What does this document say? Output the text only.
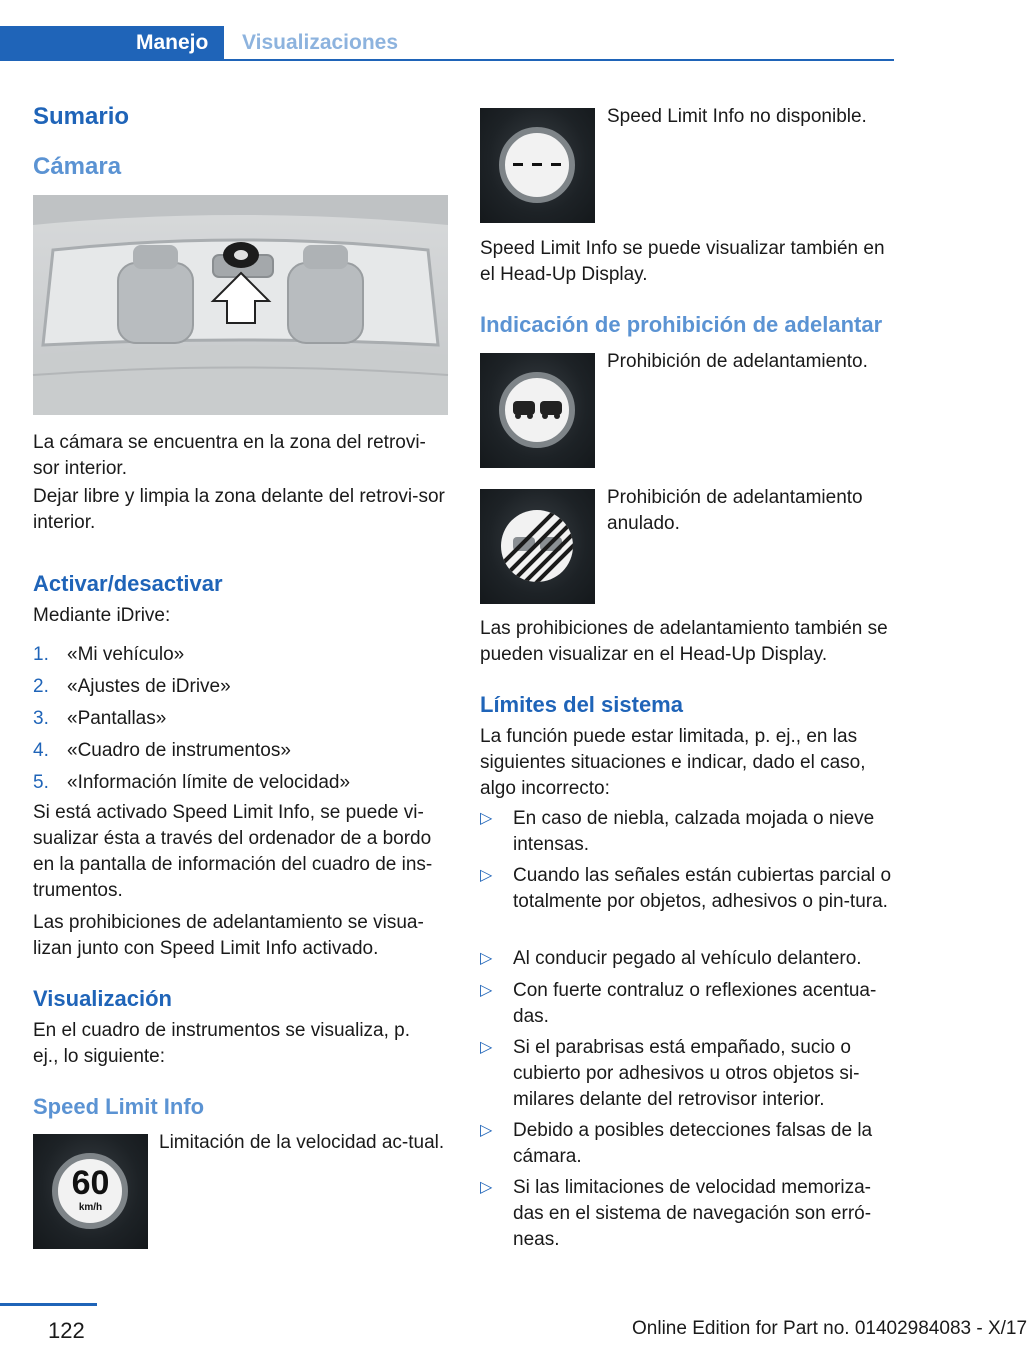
Manejo Visualizaciones
Sumario
Cámara
La cámara se encuentra en la zona del retrovi-sor interior.
Dejar libre y limpia la zona delante del retrovi-sor interior.
Activar/desactivar
Mediante iDrive:
1. «Mi vehículo»
2. «Ajustes de iDrive»
3. «Pantallas»
4. «Cuadro de instrumentos»
5. «Información límite de velocidad»
Si está activado Speed Limit Info, se puede vi-sualizar ésta a través del ordenador de a bordo en la pantalla de información del cuadro de ins-trumentos.
Las prohibiciones de adelantamiento se visua-lizan junto con Speed Limit Info activado.
Visualización
En el cuadro de instrumentos se visualiza, p. ej., lo siguiente:
Speed Limit Info
60
km/h
Limitación de la velocidad ac-tual.
Speed Limit Info no disponible.
Speed Limit Info se puede visualizar también en el Head-Up Display.
Indicación de prohibición de adelantar
Prohibición de adelantamiento.
Prohibición de adelantamiento anulado.
Las prohibiciones de adelantamiento también se pueden visualizar en el Head-Up Display.
Límites del sistema
La función puede estar limitada, p. ej., en las siguientes situaciones e indicar, dado el caso, algo incorrecto:
▷ En caso de niebla, calzada mojada o nieve intensas.
▷ Cuando las señales están cubiertas parcial o totalmente por objetos, adhesivos o pin-tura.
▷ Al conducir pegado al vehículo delantero.
▷ Con fuerte contraluz o reflexiones acentua-das.
▷ Si el parabrisas está empañado, sucio o cubierto por adhesivos u otros objetos si-milares delante del retrovisor interior.
▷ Debido a posibles detecciones falsas de la cámara.
▷ Si las limitaciones de velocidad memoriza-das en el sistema de navegación son erró-neas.
122	Online Edition for Part no. 01402984083 - X/17
